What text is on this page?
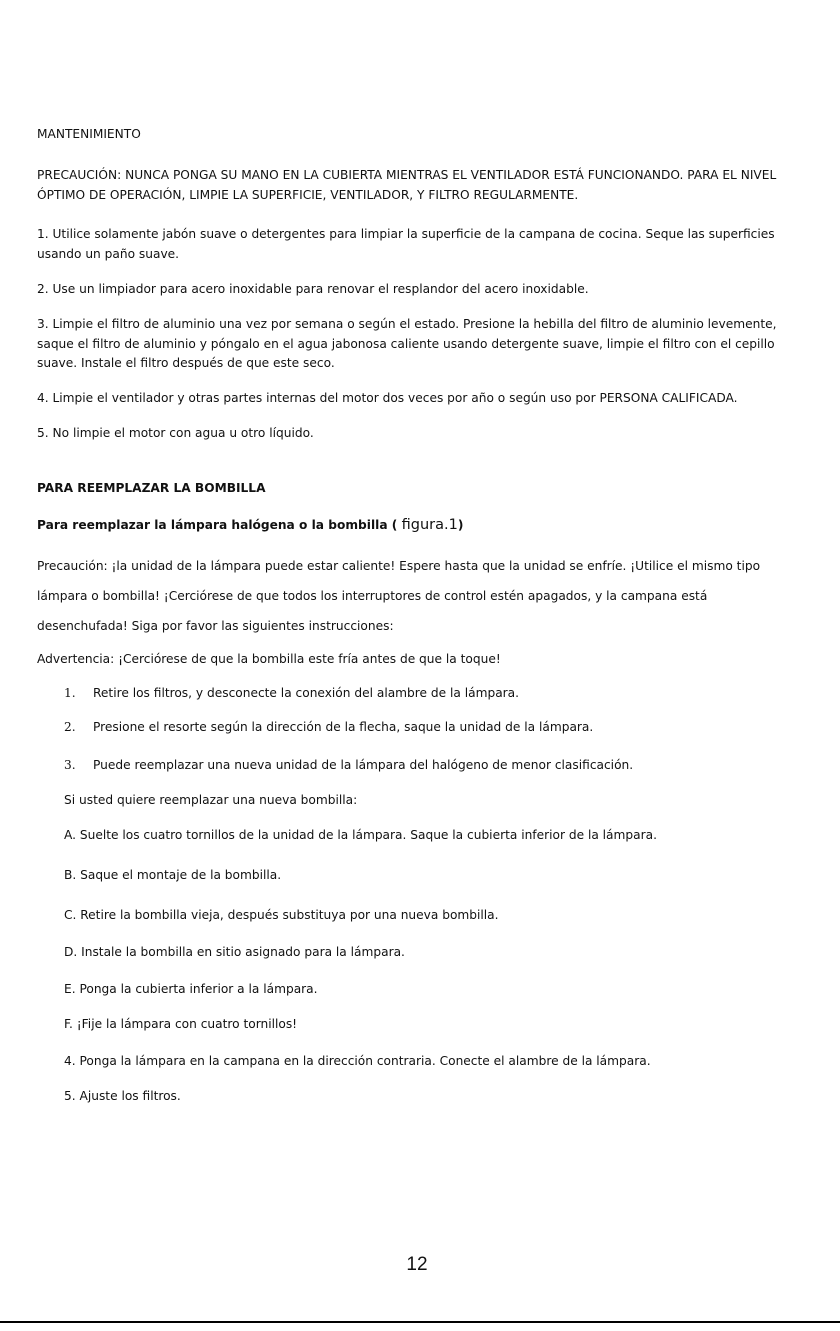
MANTENIMIENTO

PRECAUCIÓN: NUNCA PONGA SU MANO EN LA CUBIERTA MIENTRAS EL VENTILADOR ESTÁ FUNCIONANDO. PARA EL NIVEL ÓPTIMO DE OPERACIÓN, LIMPIE LA SUPERFICIE, VENTILADOR, Y FILTRO REGULARMENTE.

1. Utilice solamente jabón suave o detergentes para limpiar la superficie de la campana de cocina. Seque las superficies usando un paño suave.

2. Use un limpiador para acero inoxidable para renovar el resplandor del acero inoxidable.

3. Limpie el filtro de aluminio una vez por semana o según el estado. Presione la hebilla del filtro de aluminio levemente, saque el filtro de aluminio y póngalo en el agua jabonosa caliente usando detergente suave, limpie el filtro con el cepillo suave. Instale el filtro después de que este seco.

4. Limpie el ventilador y otras partes internas del motor dos veces por año o según uso por PERSONA CALIFICADA.

5. No limpie el motor con agua u otro líquido.

PARA REEMPLAZAR LA BOMBILLA

Para reemplazar la lámpara halógena o la bombilla ( figura.1)

Precaución: ¡la unidad de la lámpara puede estar caliente! Espere hasta que la unidad se enfríe. ¡Utilice el mismo tipo lámpara o bombilla! ¡Cerciórese de que todos los interruptores de control estén apagados, y la campana está desenchufada! Siga por favor las siguientes instrucciones:

Advertencia: ¡Cerciórese de que la bombilla este fría antes de que la toque!

1. Retire los filtros, y desconecte la conexión del alambre de la lámpara.

2. Presione el resorte según la dirección de la flecha, saque la unidad de la lámpara.

3. Puede reemplazar una nueva unidad de la lámpara del halógeno de menor clasificación.

Si usted quiere reemplazar una nueva bombilla:

A. Suelte los cuatro tornillos de la unidad de la lámpara. Saque la cubierta inferior de la lámpara.

B. Saque el montaje de la bombilla.

C. Retire la bombilla vieja, después substituya por una nueva bombilla.

D. Instale la bombilla en sitio asignado para la lámpara.

E. Ponga la cubierta inferior a la lámpara.

F. ¡Fije la lámpara con cuatro tornillos!

4. Ponga la lámpara en la campana en la dirección contraria. Conecte el alambre de la lámpara.

5. Ajuste los filtros.

12
